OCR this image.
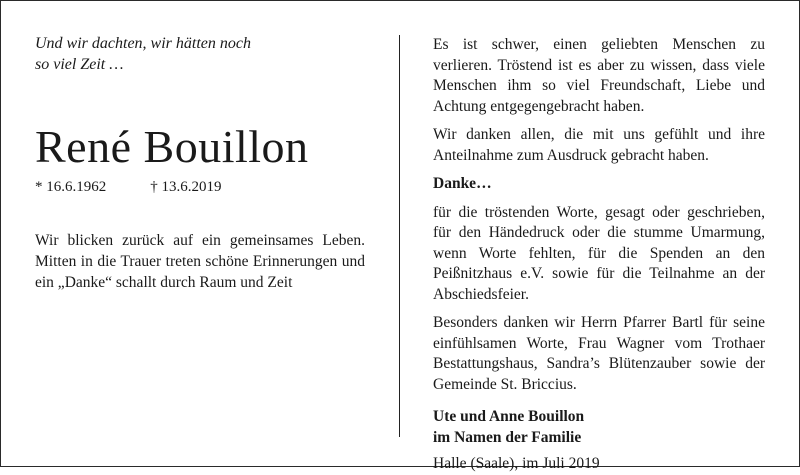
Und wir dachten, wir hätten noch
so viel Zeit …

René Bouillon
* 16.6.1962	† 13.6.2019

Wir blicken zurück auf ein gemeinsames Leben. Mitten in die Trauer treten schöne Erinnerungen und ein „Danke“ schallt durch Raum und Zeit

Es ist schwer, einen geliebten Menschen zu verlieren. Tröstend ist es aber zu wissen, dass viele Menschen ihm so viel Freundschaft, Liebe und Achtung entgegengebracht haben.

Wir danken allen, die mit uns gefühlt und ihre Anteilnahme zum Ausdruck gebracht haben.

Danke…

für die tröstenden Worte, gesagt oder geschrieben, für den Händedruck oder die stumme Umarmung, wenn Worte fehlten, für die Spenden an den Peißnitzhaus e.V. sowie für die Teilnahme an der Abschiedsfeier.

Besonders danken wir Herrn Pfarrer Bartl für seine einfühlsamen Worte, Frau Wagner vom Trothaer Bestattungshaus, Sandra’s Blütenzauber sowie der Gemeinde St. Briccius.

Ute und Anne Bouillon
im Namen der Familie
Halle (Saale), im Juli 2019
